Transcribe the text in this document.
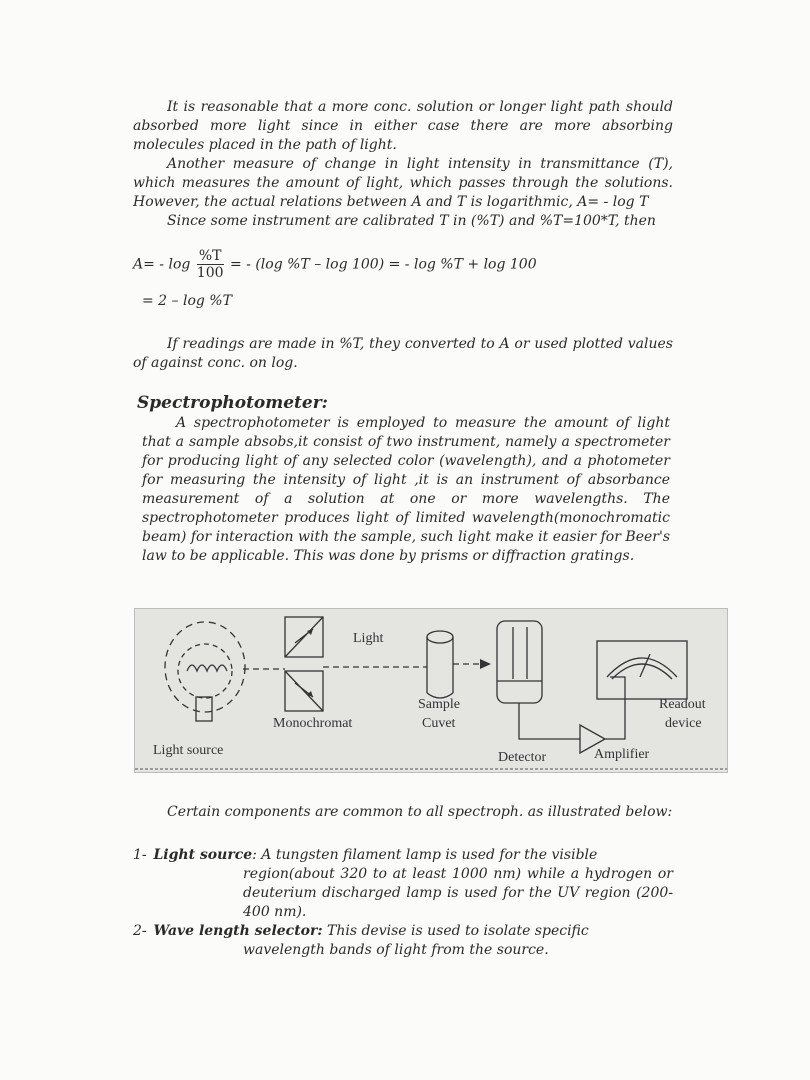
It is reasonable that a more conc. solution or longer light path should absorbed more light since in either case there are more absorbing molecules placed in the path of light.

Another measure of change in light intensity in transmittance (T), which measures the amount of light, which passes through the solutions. However, the actual relations between A and T is logarithmic, A= - log T

Since some instrument are calibrated T in (%T) and %T=100*T, then

$A= - \log \frac{\%T}{100}$ = - (log %T – log 100) = - log %T + log 100
= 2 – log %T
If readings are made in %T, they converted to A or used plotted values of against conc. on log.
Spectrophotometer:
A spectrophotometer is employed to measure the amount of light that a sample absobs,it consist of two instrument, namely a spectrometer for producing light of any selected color (wavelength), and a photometer for measuring the intensity of light ,it is an instrument of absorbance measurement of a solution at one or more wavelengths. The spectrophotometer produces light of limited wavelength(monochromatic beam) for interaction with the sample, such light make it easier for Beer's law to be applicable. This was done by prisms or diffraction gratings.
Light
Light source
Monochromat
Sample
Cuvet
Detector	Amplifier
Readout
device
Certain components are common to all spectroph. as illustrated below:
1- Light source: A tungsten filament lamp is used for the visible
region(about 320 to at least 1000 nm) while a hydrogen or deuterium discharged lamp is used for the UV region (200-400 nm).
2- Wave length selector: This devise is used to isolate specific
wavelength bands of light from the source.
